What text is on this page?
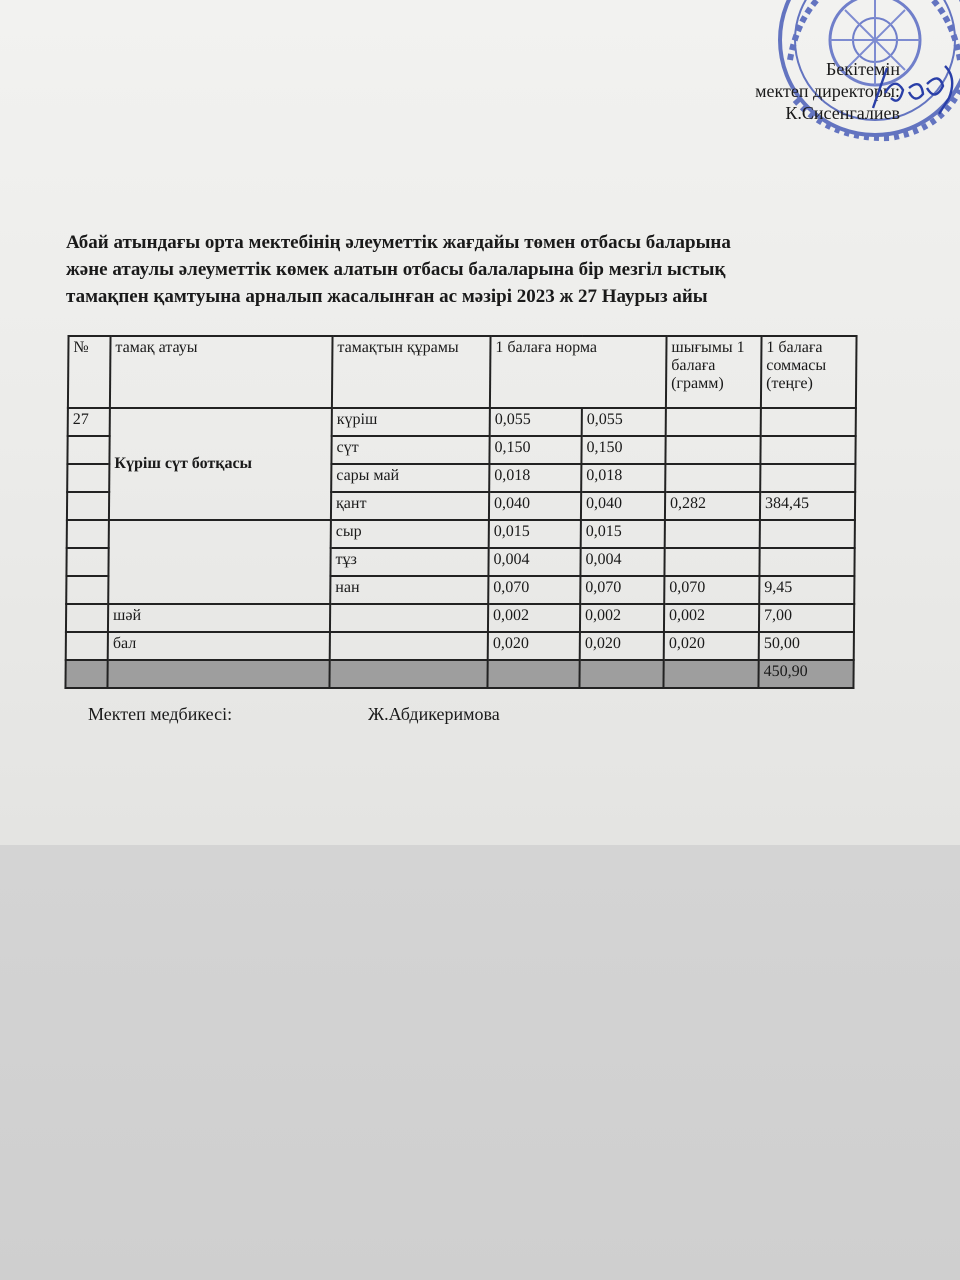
Бекітемін
мектеп директоры:
К.Сисенгалиев
Абай атындағы орта мектебінің әлеуметтік жағдайы төмен отбасы баларына
және атаулы әлеуметтік көмек алатын отбасы балаларына бір мезгіл ыстық
тамақпен қамтуына арналып жасалынған ас мәзірі 2023 ж 27 Наурыз айы
№	тамақ атауы	тамақтын құрамы	1 балаға норма		шығымы 1 балаға (грамм)	1 балаға соммасы (теңге)
27	Күріш сүт ботқасы	күріш	0,055	0,055		
		сүт	0,150	0,150		
		сары май	0,018	0,018		
		қант	0,040	0,040	0,282	384,45
		сыр	0,015	0,015		
		тұз	0,004	0,004		
		нан	0,070	0,070	0,070	9,45
	шәй		0,002	0,002	0,002	7,00
	бал		0,020	0,020	0,020	50,00
						450,90
Мектеп медбикесі:	Ж.Абдикеримова
